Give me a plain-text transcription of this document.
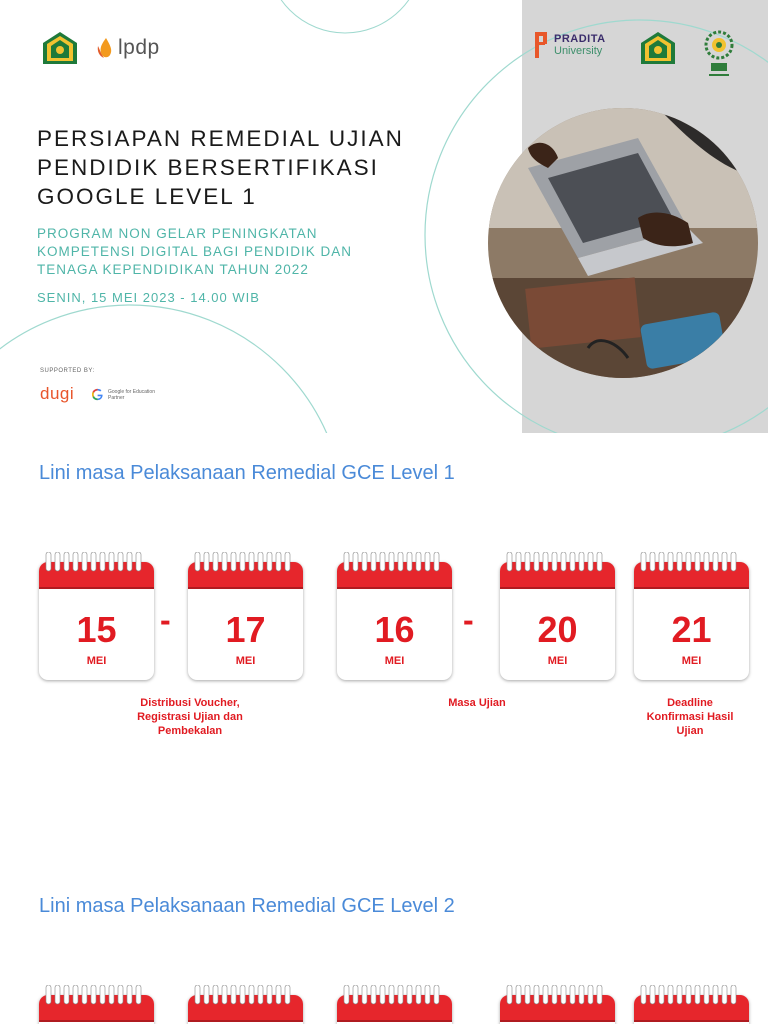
lpdp	PRADITA
University
PERSIAPAN REMEDIAL UJIAN
PENDIDIK BERSERTIFIKASI
GOOGLE LEVEL 1
PROGRAM NON GELAR PENINGKATAN
KOMPETENSI DIGITAL BAGI PENDIDIK DAN
TENAGA KEPENDIDIKAN TAHUN 2022
SENIN, 15 MEI 2023 - 14.00 WIB
SUPPORTED BY:
dugi	Google for Education
Partner
Lini masa Pelaksanaan Remedial GCE Level 1
15
MEI
-	17
MEI
16
MEI
-	20
MEI
21
MEI
Distribusi Voucher,
Registrasi Ujian dan
Pembekalan
Masa Ujian	Deadline
Konfirmasi Hasil
Ujian
Lini masa Pelaksanaan Remedial GCE Level 2
